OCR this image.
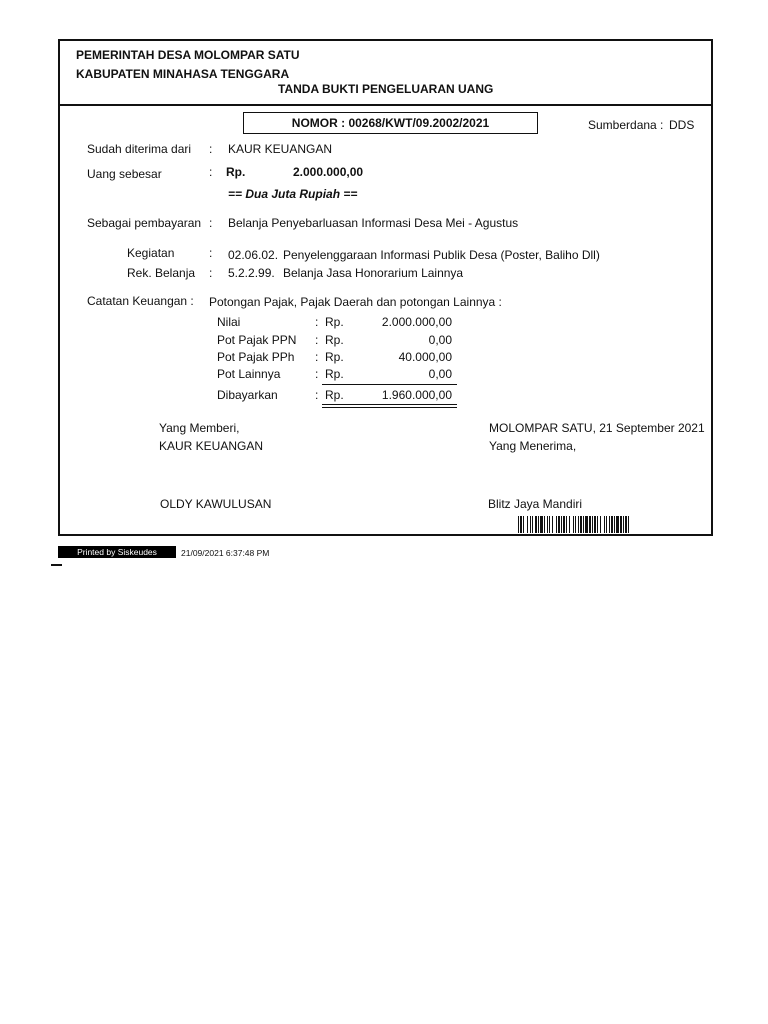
PEMERINTAH DESA MOLOMPAR SATU
KABUPATEN MINAHASA TENGGARA
TANDA BUKTI PENGELUARAN UANG
NOMOR : 00268/KWT/09.2002/2021	Sumberdana : DDS
Sudah diterima dari : KAUR KEUANGAN
Uang sebesar	: Rp.	2.000.000,00
== Dua Juta Rupiah ==
Sebagai pembayaran : Belanja Penyebarluasan Informasi Desa Mei - Agustus
Kegiatan	: 02.06.02. Penyelenggaraan Informasi Publik Desa (Poster, Baliho Dll)
Rek. Belanja : 5.2.2.99. Belanja Jasa Honorarium Lainnya
Catatan Keuangan : Potongan Pajak, Pajak Daerah dan potongan Lainnya :
Nilai	: Rp.	2.000.000,00
Pot Pajak PPN : Rp.	0,00
Pot Pajak PPh : Rp.	40.000,00
Pot Lainnya	: Rp.	0,00
Dibayarkan	: Rp.	1.960.000,00
Yang Memberi,
KAUR KEUANGAN
OLDY KAWULUSAN
MOLOMPAR SATU, 21 September 2021
Yang Menerima,
Blitz Jaya Mandiri
Printed by Siskeudes	21/09/2021 6:37:48 PM
